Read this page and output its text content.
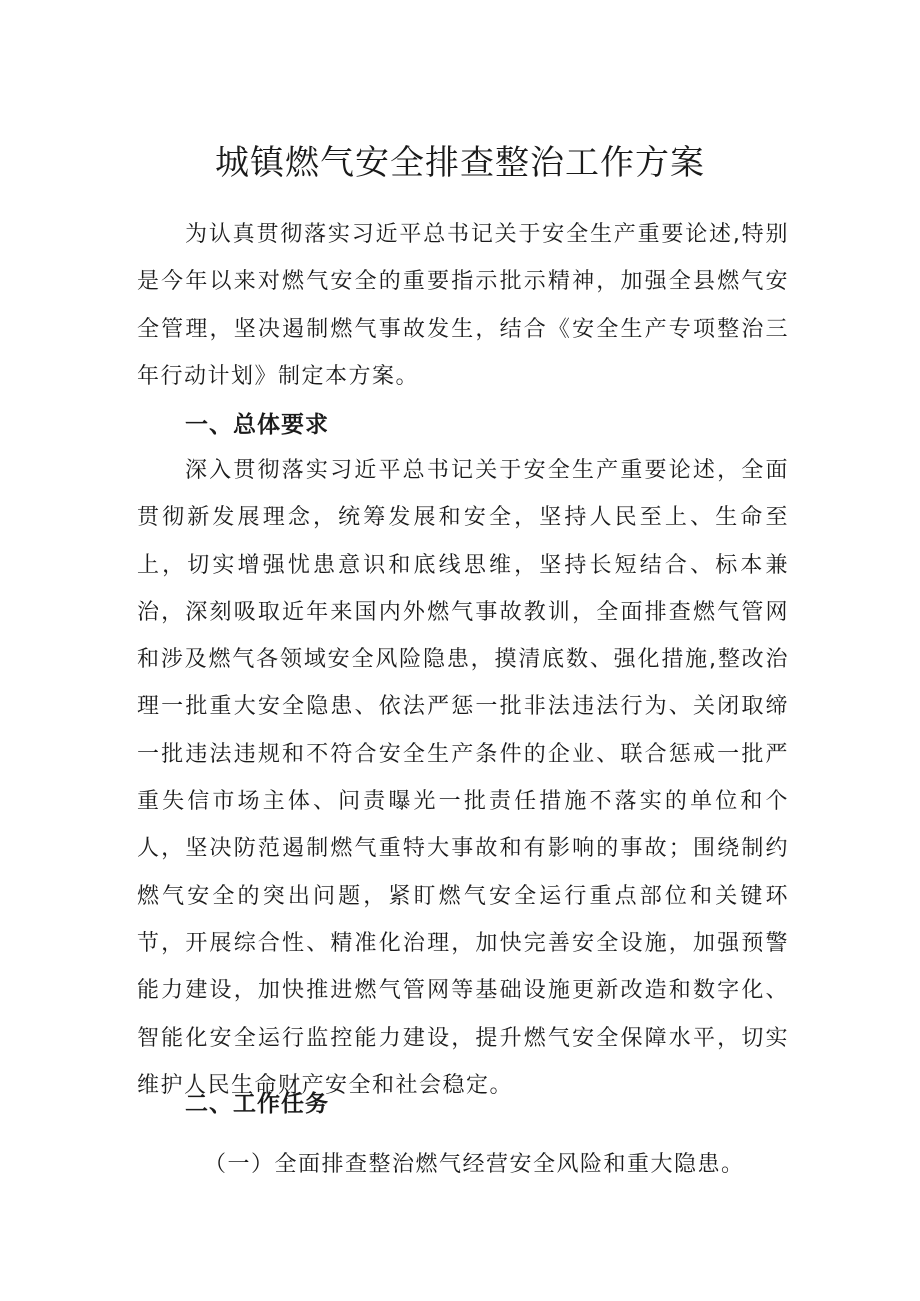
城镇燃气安全排查整治工作方案

为认真贯彻落实习近平总书记关于安全生产重要论述,特别是今年以来对燃气安全的重要指示批示精神，加强全县燃气安全管理，坚决遏制燃气事故发生，结合《安全生产专项整治三年行动计划》制定本方案。

一、总体要求

深入贯彻落实习近平总书记关于安全生产重要论述，全面贯彻新发展理念，统筹发展和安全，坚持人民至上、生命至上，切实增强忧患意识和底线思维，坚持长短结合、标本兼治，深刻吸取近年来国内外燃气事故教训，全面排查燃气管网和涉及燃气各领域安全风险隐患，摸清底数、强化措施,整改治理一批重大安全隐患、依法严惩一批非法违法行为、关闭取缔一批违法违规和不符合安全生产条件的企业、联合惩戒一批严重失信市场主体、问责曝光一批责任措施不落实的单位和个人，坚决防范遏制燃气重特大事故和有影响的事故；围绕制约燃气安全的突出问题，紧盯燃气安全运行重点部位和关键环节，开展综合性、精准化治理，加快完善安全设施，加强预警能力建设，加快推进燃气管网等基础设施更新改造和数字化、智能化安全运行监控能力建设，提升燃气安全保障水平，切实维护人民生命财产安全和社会稳定。

二、工作任务

（一）全面排查整治燃气经营安全风险和重大隐患。
